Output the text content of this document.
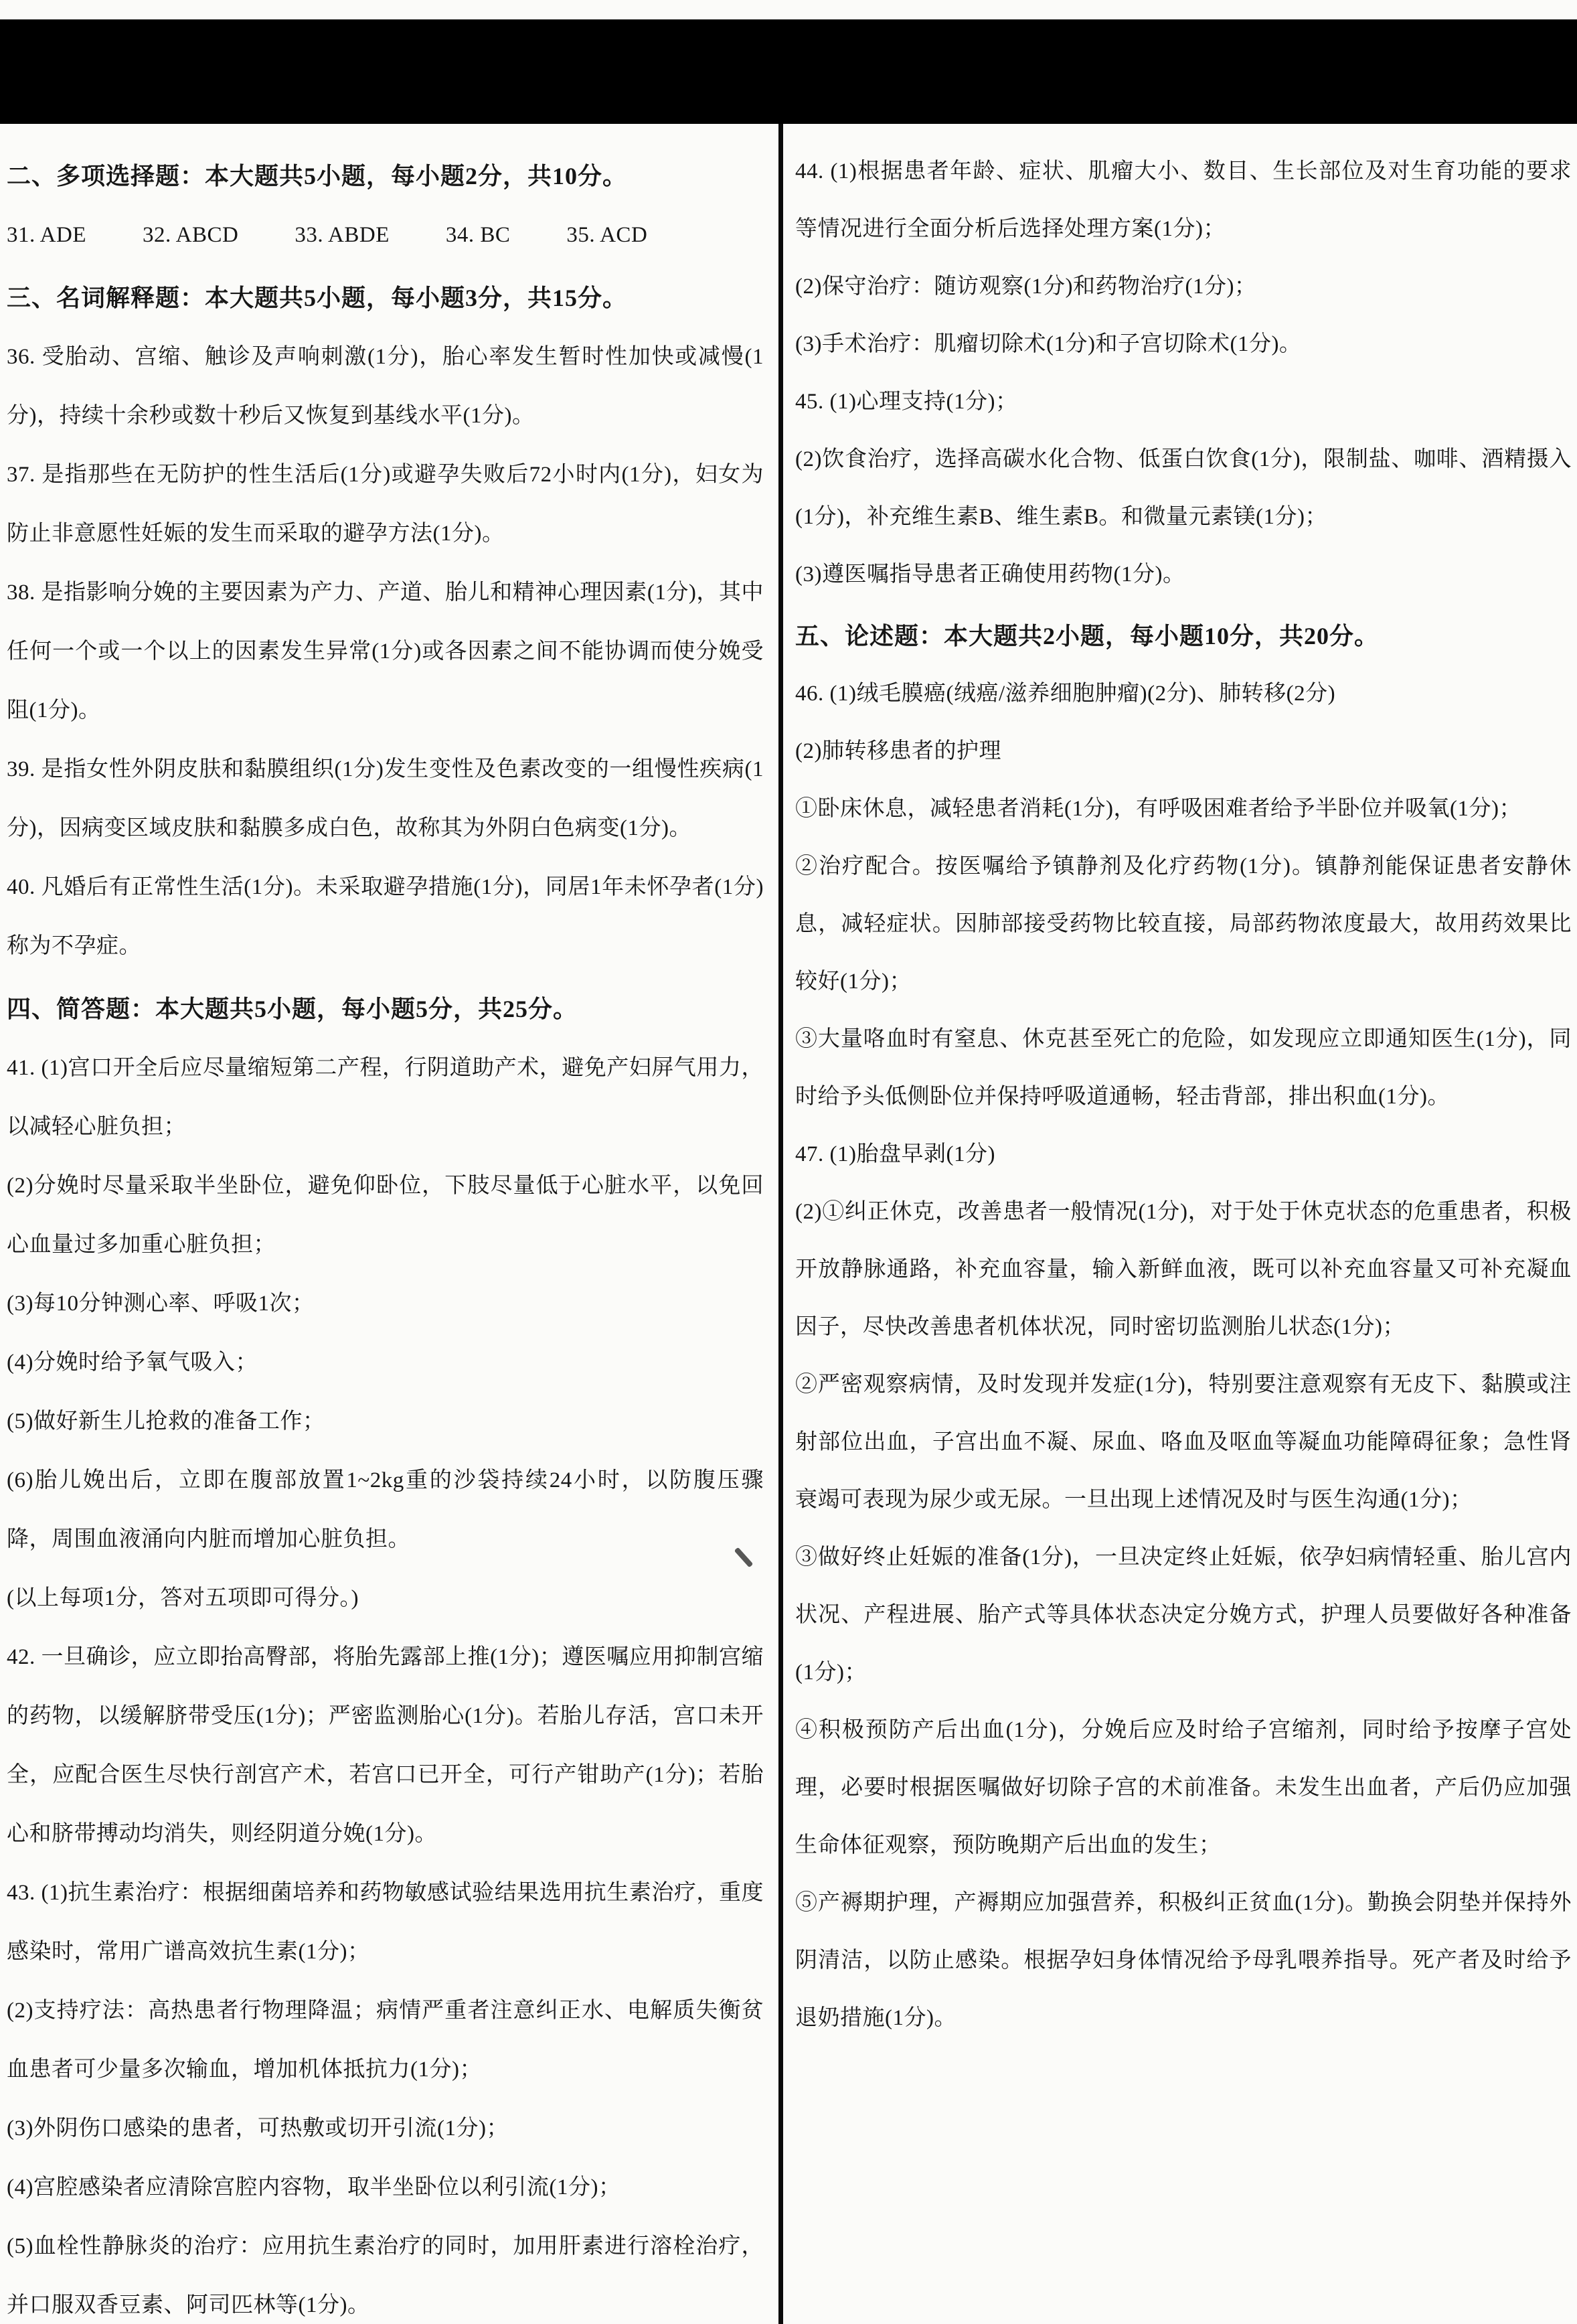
二、多项选择题：本大题共5小题，每小题2分，共10分。
31. ADE	32. ABCD	33. ABDE	34. BC	35. ACD
三、名词解释题：本大题共5小题，每小题3分，共15分。
36. 受胎动、宫缩、触诊及声响刺激(1分)，胎心率发生暂时性加快或减慢(1分)，持续十余秒或数十秒后又恢复到基线水平(1分)。
37. 是指那些在无防护的性生活后(1分)或避孕失败后72小时内(1分)，妇女为防止非意愿性妊娠的发生而采取的避孕方法(1分)。
38. 是指影响分娩的主要因素为产力、产道、胎儿和精神心理因素(1分)，其中任何一个或一个以上的因素发生异常(1分)或各因素之间不能协调而使分娩受阻(1分)。
39. 是指女性外阴皮肤和黏膜组织(1分)发生变性及色素改变的一组慢性疾病(1分)，因病变区域皮肤和黏膜多成白色，故称其为外阴白色病变(1分)。
40. 凡婚后有正常性生活(1分)。未采取避孕措施(1分)，同居1年未怀孕者(1分)称为不孕症。
四、简答题：本大题共5小题，每小题5分，共25分。
41. (1)宫口开全后应尽量缩短第二产程，行阴道助产术，避免产妇屏气用力，以减轻心脏负担；
(2)分娩时尽量采取半坐卧位，避免仰卧位，下肢尽量低于心脏水平，以免回心血量过多加重心脏负担；
(3)每10分钟测心率、呼吸1次；
(4)分娩时给予氧气吸入；
(5)做好新生儿抢救的准备工作；
(6)胎儿娩出后，立即在腹部放置1~2kg重的沙袋持续24小时，以防腹压骤降，周围血液涌向内脏而增加心脏负担。
(以上每项1分，答对五项即可得分。)
42. 一旦确诊，应立即抬高臀部，将胎先露部上推(1分)；遵医嘱应用抑制宫缩的药物，以缓解脐带受压(1分)；严密监测胎心(1分)。若胎儿存活，宫口未开全，应配合医生尽快行剖宫产术，若宫口已开全，可行产钳助产(1分)；若胎心和脐带搏动均消失，则经阴道分娩(1分)。
43. (1)抗生素治疗：根据细菌培养和药物敏感试验结果选用抗生素治疗，重度感染时，常用广谱高效抗生素(1分)；
(2)支持疗法：高热患者行物理降温；病情严重者注意纠正水、电解质失衡贫血患者可少量多次输血，增加机体抵抗力(1分)；
(3)外阴伤口感染的患者，可热敷或切开引流(1分)；
(4)宫腔感染者应清除宫腔内容物，取半坐卧位以利引流(1分)；
(5)血栓性静脉炎的治疗：应用抗生素治疗的同时，加用肝素进行溶栓治疗，并口服双香豆素、阿司匹林等(1分)。
44. (1)根据患者年龄、症状、肌瘤大小、数目、生长部位及对生育功能的要求等情况进行全面分析后选择处理方案(1分)；
(2)保守治疗：随访观察(1分)和药物治疗(1分)；
(3)手术治疗：肌瘤切除术(1分)和子宫切除术(1分)。
45. (1)心理支持(1分)；
(2)饮食治疗，选择高碳水化合物、低蛋白饮食(1分)，限制盐、咖啡、酒精摄入(1分)，补充维生素B、维生素B。和微量元素镁(1分)；
(3)遵医嘱指导患者正确使用药物(1分)。
五、论述题：本大题共2小题，每小题10分，共20分。
46. (1)绒毛膜癌(绒癌/滋养细胞肿瘤)(2分)、肺转移(2分)
(2)肺转移患者的护理
①卧床休息，减轻患者消耗(1分)，有呼吸困难者给予半卧位并吸氧(1分)；
②治疗配合。按医嘱给予镇静剂及化疗药物(1分)。镇静剂能保证患者安静休息，减轻症状。因肺部接受药物比较直接，局部药物浓度最大，故用药效果比较好(1分)；
③大量咯血时有窒息、休克甚至死亡的危险，如发现应立即通知医生(1分)，同时给予头低侧卧位并保持呼吸道通畅，轻击背部，排出积血(1分)。
47. (1)胎盘早剥(1分)
(2)①纠正休克，改善患者一般情况(1分)，对于处于休克状态的危重患者，积极开放静脉通路，补充血容量，输入新鲜血液，既可以补充血容量又可补充凝血因子，尽快改善患者机体状况，同时密切监测胎儿状态(1分)；
②严密观察病情，及时发现并发症(1分)，特别要注意观察有无皮下、黏膜或注射部位出血，子宫出血不凝、尿血、咯血及呕血等凝血功能障碍征象；急性肾衰竭可表现为尿少或无尿。一旦出现上述情况及时与医生沟通(1分)；
③做好终止妊娠的准备(1分)，一旦决定终止妊娠，依孕妇病情轻重、胎儿宫内状况、产程进展、胎产式等具体状态决定分娩方式，护理人员要做好各种准备(1分)；
④积极预防产后出血(1分)，分娩后应及时给子宫缩剂，同时给予按摩子宫处理，必要时根据医嘱做好切除子宫的术前准备。未发生出血者，产后仍应加强生命体征观察，预防晚期产后出血的发生；
⑤产褥期护理，产褥期应加强营养，积极纠正贫血(1分)。勤换会阴垫并保持外阴清洁，以防止感染。根据孕妇身体情况给予母乳喂养指导。死产者及时给予退奶措施(1分)。
